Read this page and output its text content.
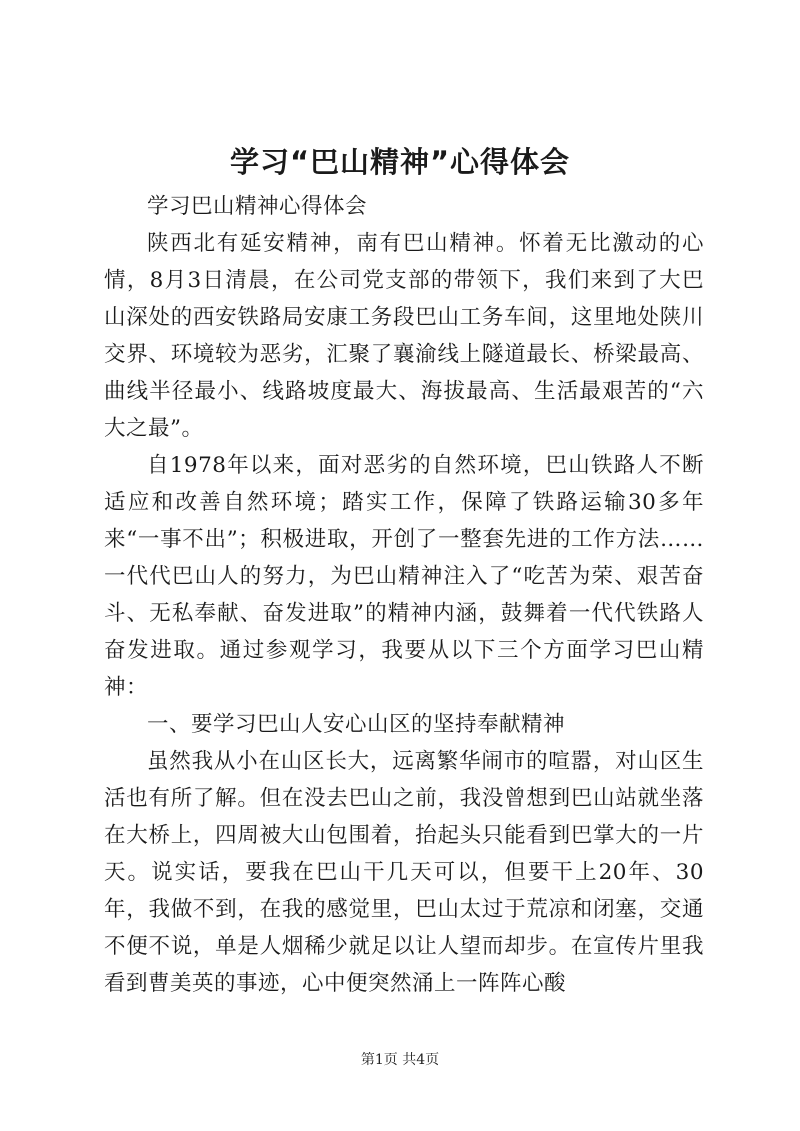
学习“巴山精神”心得体会

学习巴山精神心得体会

陕西北有延安精神，南有巴山精神。怀着无比激动的心情，8月3日清晨，在公司党支部的带领下，我们来到了大巴山深处的西安铁路局安康工务段巴山工务车间，这里地处陕川交界、环境较为恶劣，汇聚了襄渝线上隧道最长、桥梁最高、曲线半径最小、线路坡度最大、海拔最高、生活最艰苦的“六大之最”。

自1978年以来，面对恶劣的自然环境，巴山铁路人不断适应和改善自然环境；踏实工作，保障了铁路运输30多年来“一事不出”；积极进取，开创了一整套先进的工作方法……一代代巴山人的努力，为巴山精神注入了“吃苦为荣、艰苦奋斗、无私奉献、奋发进取”的精神内涵，鼓舞着一代代铁路人奋发进取。通过参观学习，我要从以下三个方面学习巴山精神：

一、要学习巴山人安心山区的坚持奉献精神

虽然我从小在山区长大，远离繁华闹市的喧嚣，对山区生活也有所了解。但在没去巴山之前，我没曾想到巴山站就坐落在大桥上，四周被大山包围着，抬起头只能看到巴掌大的一片天。说实话，要我在巴山干几天可以，但要干上20年、30年，我做不到，在我的感觉里，巴山太过于荒凉和闭塞，交通不便不说，单是人烟稀少就足以让人望而却步。在宣传片里我看到曹美英的事迹，心中便突然涌上一阵阵心酸

第1页 共4页
